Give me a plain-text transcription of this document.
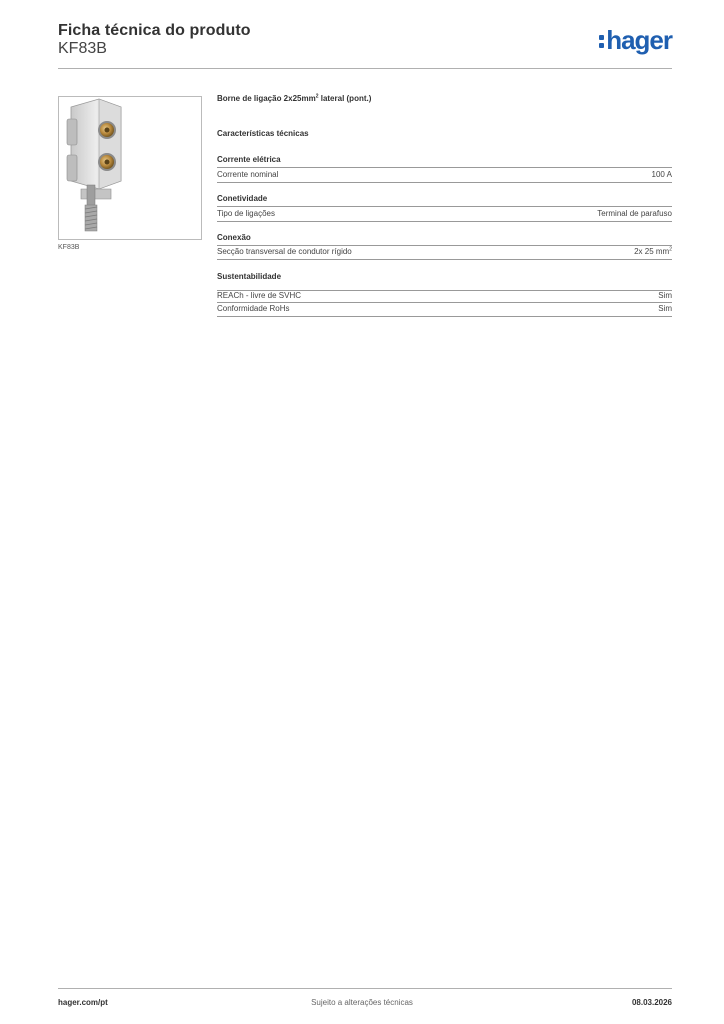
Ficha técnica do produto
KF83B	hager
KF83B
Borne de ligação $2x25mm^2$ lateral (pont.)
Características técnicas
Corrente elétrica
Corrente nominal	100 A
Conetividade
Tipo de ligações	Terminal de parafuso
Conexão
Secção transversal de condutor rígido	2x 25 $mm^2$
Sustentabilidade
REACh - livre de SVHC	Sim
Conformidade RoHs	Sim
hager.com/pt	Sujeito a alterações técnicas	08.03.2026
